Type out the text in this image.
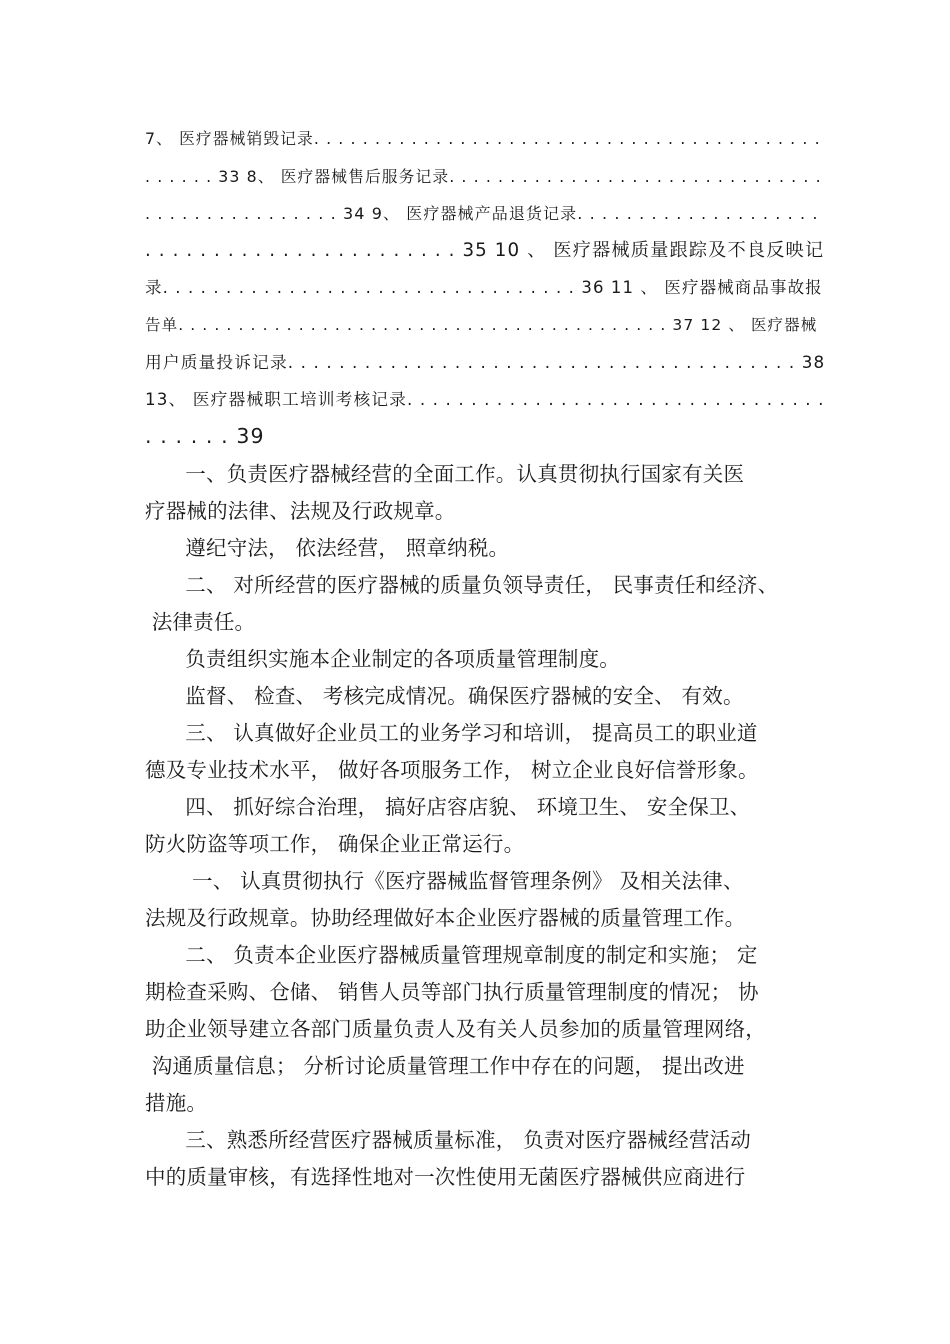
7、 医疗器械销毁记录. . . . . . . . . . . . . . . . . . . . . . . . . . . . . . . . . . . . . . . . . .
. . . . . . 33 8、 医疗器械售后服务记录. . . . . . . . . . . . . . . . . . . . . . . . . . . . . . .
. . . . . . . . . . . . . . . . 34 9、 医疗器械产品退货记录. . . . . . . . . . . . . . . . . . . .
. . . . . . . . . . . . . . . . . . . . . . . 35 10 、 医疗器械质量跟踪及不良反映记
录. . . . . . . . . . . . . . . . . . . . . . . . . . . . . . . . . 36 11 、 医疗器械商品事故报
告单. . . . . . . . . . . . . . . . . . . . . . . . . . . . . . . . . . . . . . . . . 37 12 、 医疗器械
用户质量投诉记录. . . . . . . . . . . . . . . . . . . . . . . . . . . . . . . . . . . . . . . . 38
13、 医疗器械职工培训考核记录. . . . . . . . . . . . . . . . . . . . . . . . . . . . . . . . .
. . . . . . 39
一、负责医疗器械经营的全面工作。认真贯彻执行国家有关医
疗器械的法律、法规及行政规章。
遵纪守法， 依法经营， 照章纳税。
二、 对所经营的医疗器械的质量负领导责任， 民事责任和经济、
法律责任。
负责组织实施本企业制定的各项质量管理制度。
监督、 检查、 考核完成情况。确保医疗器械的安全、 有效。
三、 认真做好企业员工的业务学习和培训， 提高员工的职业道
德及专业技术水平， 做好各项服务工作， 树立企业良好信誉形象。
四、 抓好综合治理， 搞好店容店貌、 环境卫生、 安全保卫、
防火防盗等项工作， 确保企业正常运行。
一、 认真贯彻执行《医疗器械监督管理条例》 及相关法律、
法规及行政规章。协助经理做好本企业医疗器械的质量管理工作。
二、 负责本企业医疗器械质量管理规章制度的制定和实施； 定
期检查采购、仓储、 销售人员等部门执行质量管理制度的情况； 协
助企业领导建立各部门质量负责人及有关人员参加的质量管理网络，
沟通质量信息； 分析讨论质量管理工作中存在的问题， 提出改进
措施。
三、熟悉所经营医疗器械质量标准， 负责对医疗器械经营活动
中的质量审核，有选择性地对一次性使用无菌医疗器械供应商进行
